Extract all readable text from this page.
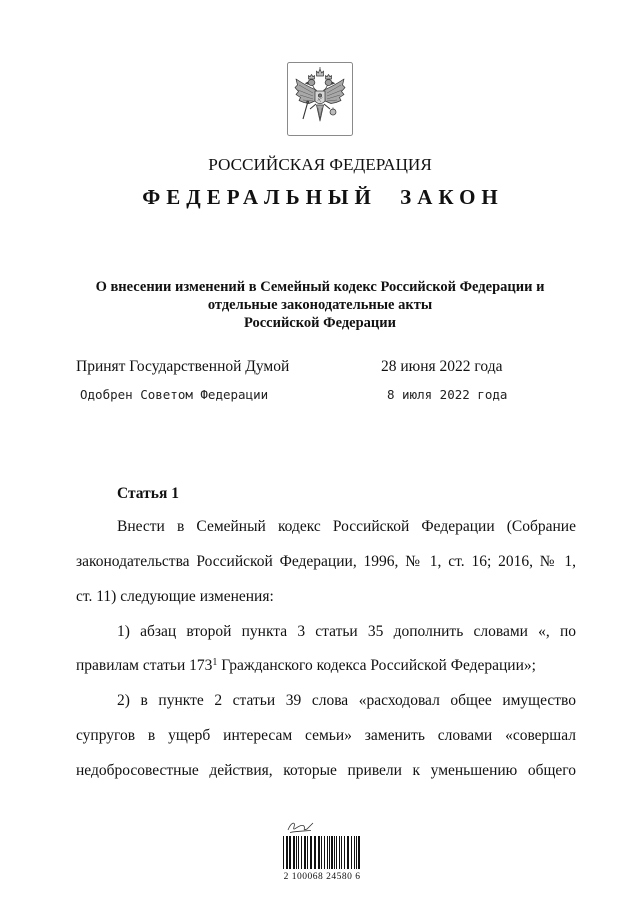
РОССИЙСКАЯ ФЕДЕРАЦИЯ
ФЕДЕРАЛЬНЫЙ ЗАКОН
О внесении изменений в Семейный кодекс Российской Федерации и
отдельные законодательные акты
Российской Федерации
Принят Государственной Думой	28 июня 2022 года
Одобрен Советом Федерации	8 июля 2022 года
Статья 1
Внести в Семейный кодекс Российской Федерации (Собрание
законодательства Российской Федерации, 1996, № 1, ст. 16; 2016, № 1,
ст. 11) следующие изменения:
1) абзац второй пункта 3 статьи 35 дополнить словами «, по
правилам статьи $173^1$ Гражданского кодекса Российской Федерации»;
2) в пункте 2 статьи 39 слова «расходовал общее имущество
супругов в ущерб интересам семьи» заменить словами «совершал
недобросовестные действия, которые привели к уменьшению общего
2 100068 24580 6
